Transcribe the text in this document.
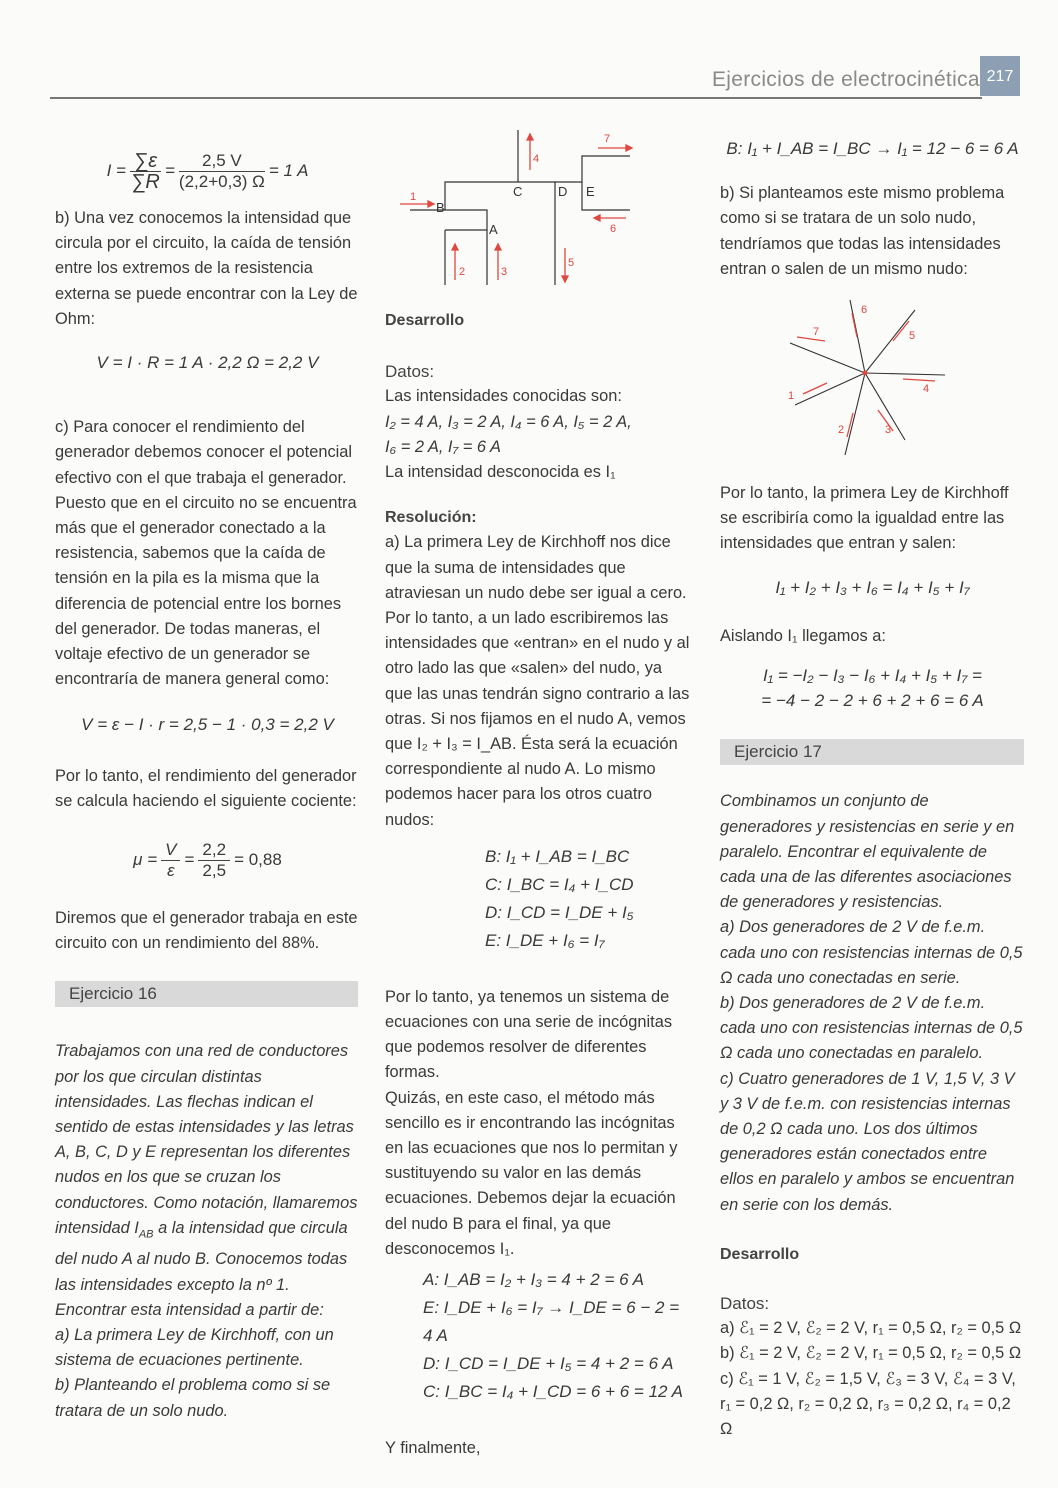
Ejercicios de electrocinética 217
$I = \frac{\sum\varepsilon}{\sum R} = \frac{2,5 V}{(2,2+0,3) \Omega} = 1$ A

b) Una vez conocemos la intensidad que circula por el circuito, la caída de tensión entre los extremos de la resistencia externa se puede encontrar con la Ley de Ohm:

V = I · R = 1 A · 2,2 Ω = 2,2 V

c) Para conocer el rendimiento del generador debemos conocer el potencial efectivo con el que trabaja el generador. Puesto que en el circuito no se encuentra más que el generador conectado a la resistencia, sabemos que la caída de tensión en la pila es la misma que la diferencia de potencial entre los bornes del generador. De todas maneras, el voltaje efectivo de un generador se encontraría de manera general como:

V = ε − I · r = 2,5 − 1 · 0,3 = 2,2 V

Por lo tanto, el rendimiento del generador se calcula haciendo el siguiente cociente:

$\mu = \frac{V}{\varepsilon} = \frac{2,2}{2,5} = 0,88$

Diremos que el generador trabaja en este circuito con un rendimiento del 88%.

Ejercicio 16

Trabajamos con una red de conductores por los que circulan distintas intensidades. Las flechas indican el sentido de estas intensidades y las letras A, B, C, D y E representan los diferentes nudos en los que se cruzan los conductores. Como notación, llamaremos intensidad $I_{AB}$ a la intensidad que circula del nudo A al nudo B. Conocemos todas las intensidades excepto la nº 1. Encontrar esta intensidad a partir de:

a) La primera Ley de Kirchhoff, con un sistema de ecuaciones pertinente.

b) Planteando el problema como si se tratara de un solo nudo.

B
A
C	D E
1
2	3
4
5
6
7

Desarrollo

Datos:

Las intensidades conocidas son:

I₂ = 4 A, I₃ = 2 A, I₄ = 6 A, I₅ = 2 A,

I₆ = 2 A, I₇ = 6 A

La intensidad desconocida es I₁

Resolución:

a) La primera Ley de Kirchhoff nos dice que la suma de intensidades que atraviesan un nudo debe ser igual a cero. Por lo tanto, a un lado escribiremos las intensidades que «entran» en el nudo y al otro lado las que «salen» del nudo, ya que las unas tendrán signo contrario a las otras. Si nos fijamos en el nudo A, vemos que I₂ + I₃ = I_AB. Ésta será la ecuación correspondiente al nudo A. Lo mismo podemos hacer para los otros cuatro nudos:

B: I₁ + I_AB = I_BC

C: I_BC = I₄ + I_CD

D: I_CD = I_DE + I₅

E: I_DE + I₆ = I₇

Por lo tanto, ya tenemos un sistema de ecuaciones con una serie de incógnitas que podemos resolver de diferentes formas.

Quizás, en este caso, el método más sencillo es ir encontrando las incógnitas en las ecuaciones que nos lo permitan y sustituyendo su valor en las demás ecuaciones. Debemos dejar la ecuación del nudo B para el final, ya que desconocemos I₁.

A: I_AB = I₂ + I₃ = 4 + 2 = 6 A

E: I_DE + I₆ = I₇ → I_DE = 6 − 2 = 4 A

D: I_CD = I_DE + I₅ = 4 + 2 = 6 A

C: I_BC = I₄ + I_CD = 6 + 6 = 12 A

Y finalmente,

B: I₁ + I_AB = I_BC → I₁ = 12 − 6 = 6 A

b) Si planteamos este mismo problema como si se tratara de un solo nudo, tendríamos que todas las intensidades entran o salen de un mismo nudo:

1
2	3
4
5
6
7

Por lo tanto, la primera Ley de Kirchhoff se escribiría como la igualdad entre las intensidades que entran y salen:

I₁ + I₂ + I₃ + I₆ = I₄ + I₅ + I₇

Aislando I₁ llegamos a:

I₁ = −I₂ − I₃ − I₆ + I₄ + I₅ + I₇ =

= −4 − 2 − 2 + 6 + 2 + 6 = 6 A

Ejercicio 17

Combinamos un conjunto de generadores y resistencias en serie y en paralelo. Encontrar el equivalente de cada una de las diferentes asociaciones de generadores y resistencias.

a) Dos generadores de 2 V de f.e.m. cada uno con resistencias internas de 0,5 Ω cada uno conectadas en serie.

b) Dos generadores de 2 V de f.e.m. cada uno con resistencias internas de 0,5 Ω cada uno conectadas en paralelo.

c) Cuatro generadores de 1 V, 1,5 V, 3 V y 3 V de f.e.m. con resistencias internas de 0,2 Ω cada uno. Los dos últimos generadores están conectados entre ellos en paralelo y ambos se encuentran en serie con los demás.

Desarrollo

Datos:

a) ℰ₁ = 2 V, ℰ₂ = 2 V, r₁ = 0,5 Ω, r₂ = 0,5 Ω

b) ℰ₁ = 2 V, ℰ₂ = 2 V, r₁ = 0,5 Ω, r₂ = 0,5 Ω

c) ℰ₁ = 1 V, ℰ₂ = 1,5 V, ℰ₃ = 3 V, ℰ₄ = 3 V,

r₁ = 0,2 Ω, r₂ = 0,2 Ω, r₃ = 0,2 Ω, r₄ = 0,2 Ω
